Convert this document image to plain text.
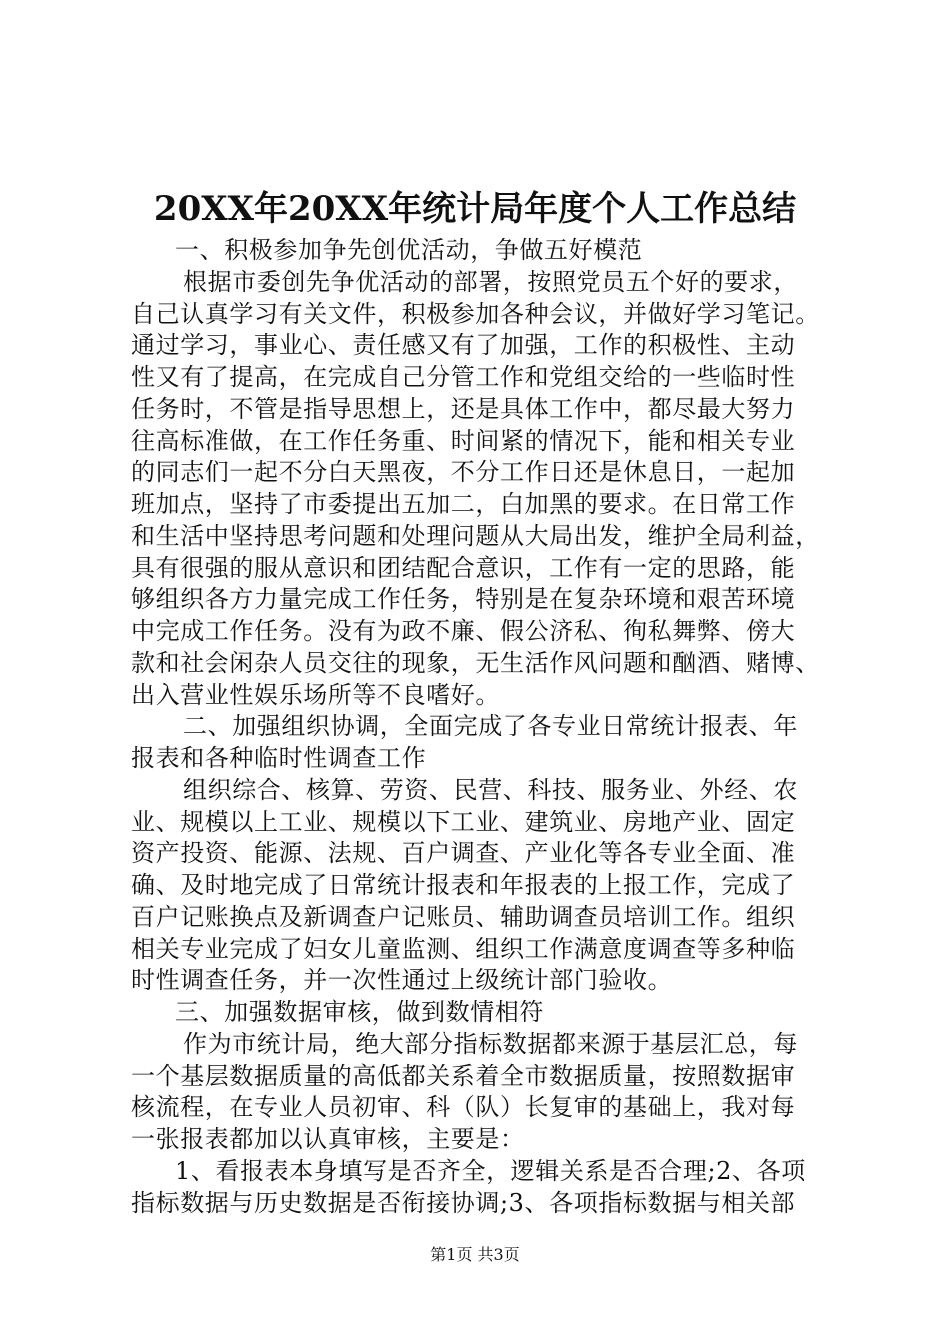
20XX年20XX年统计局年度个人工作总结
一、积极参加争先创优活动，争做五好模范
根据市委创先争优活动的部署，按照党员五个好的要求，
自己认真学习有关文件，积极参加各种会议，并做好学习笔记。
通过学习，事业心、责任感又有了加强，工作的积极性、主动
性又有了提高，在完成自己分管工作和党组交给的一些临时性
任务时，不管是指导思想上，还是具体工作中，都尽最大努力
往高标准做，在工作任务重、时间紧的情况下，能和相关专业
的同志们一起不分白天黑夜，不分工作日还是休息日，一起加
班加点，坚持了市委提出五加二，白加黑的要求。在日常工作
和生活中坚持思考问题和处理问题从大局出发，维护全局利益，
具有很强的服从意识和团结配合意识，工作有一定的思路，能
够组织各方力量完成工作任务，特别是在复杂环境和艰苦环境
中完成工作任务。没有为政不廉、假公济私、徇私舞弊、傍大
款和社会闲杂人员交往的现象，无生活作风问题和酗酒、赌博、
出入营业性娱乐场所等不良嗜好。
二、加强组织协调，全面完成了各专业日常统计报表、年
报表和各种临时性调查工作
组织综合、核算、劳资、民营、科技、服务业、外经、农
业、规模以上工业、规模以下工业、建筑业、房地产业、固定
资产投资、能源、法规、百户调查、产业化等各专业全面、准
确、及时地完成了日常统计报表和年报表的上报工作，完成了
百户记账换点及新调查户记账员、辅助调查员培训工作。组织
相关专业完成了妇女儿童监测、组织工作满意度调查等多种临
时性调查任务，并一次性通过上级统计部门验收。
三、加强数据审核，做到数情相符
作为市统计局，绝大部分指标数据都来源于基层汇总，每
一个基层数据质量的高低都关系着全市数据质量，按照数据审
核流程，在专业人员初审、科（队）长复审的基础上，我对每
一张报表都加以认真审核，主要是：
1、看报表本身填写是否齐全，逻辑关系是否合理;2、各项
指标数据与历史数据是否衔接协调;3、各项指标数据与相关部
第1页 共3页
